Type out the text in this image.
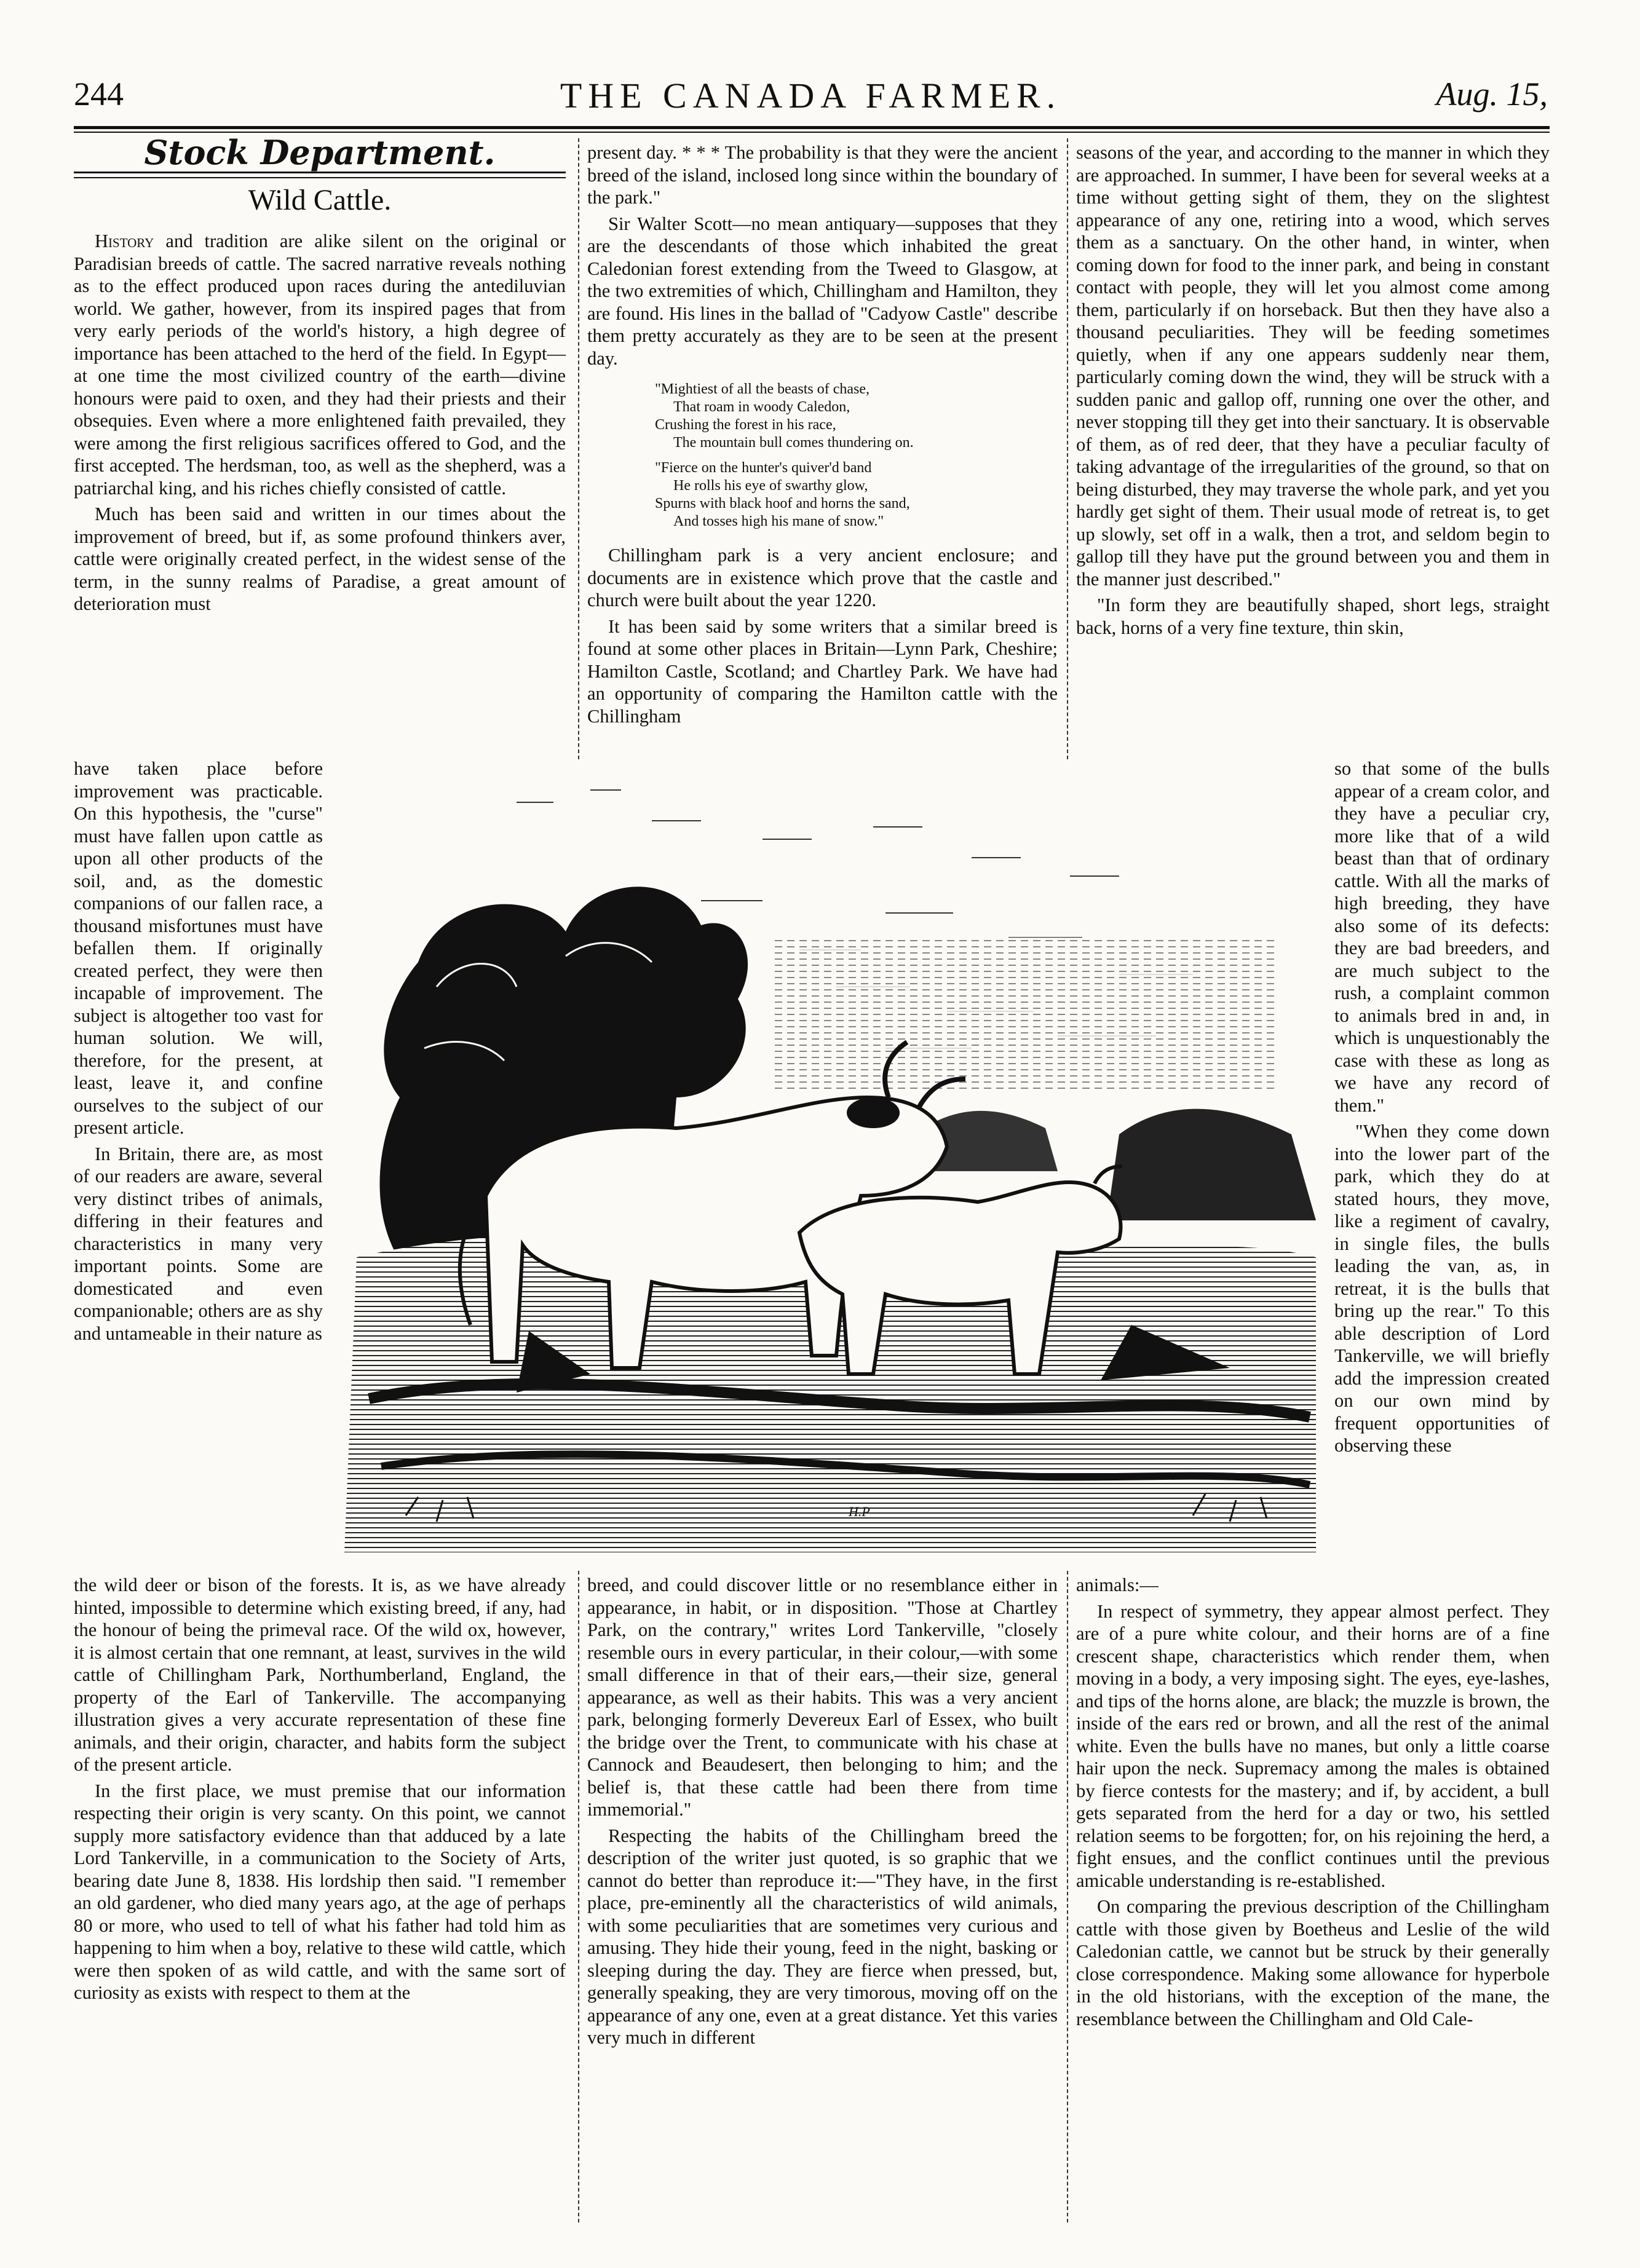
244	THE CANADA FARMER.	Aug. 15,
Stock Department.
Wild Cattle.

History and tradition are alike silent on the original or Paradisian breeds of cattle. The sacred narrative reveals nothing as to the effect produced upon races during the antediluvian world. We gather, however, from its inspired pages that from very early periods of the world's history, a high degree of importance has been attached to the herd of the field. In Egypt—at one time the most civilized country of the earth—divine honours were paid to oxen, and they had their priests and their obsequies. Even where a more enlightened faith prevailed, they were among the first religious sacrifices offered to God, and the first accepted. The herdsman, too, as well as the shepherd, was a patriarchal king, and his riches chiefly consisted of cattle.

Much has been said and written in our times about the improvement of breed, but if, as some profound thinkers aver, cattle were originally created perfect, in the widest sense of the term, in the sunny realms of Paradise, a great amount of deterioration must

have taken place before improvement was practicable. On this hypothesis, the "curse" must have fallen upon cattle as upon all other products of the soil, and, as the domestic companions of our fallen race, a thousand misfortunes must have befallen them. If originally created perfect, they were then incapable of improvement. The subject is altogether too vast for human solution. We will, therefore, for the present, at least, leave it, and confine ourselves to the subject of our present article.

In Britain, there are, as most of our readers are aware, several very distinct tribes of animals, differing in their features and characteristics in many very important points. Some are domesticated and even companionable; others are as shy and untameable in their nature as

the wild deer or bison of the forests. It is, as we have already hinted, impossible to determine which existing breed, if any, had the honour of being the primeval race. Of the wild ox, however, it is almost certain that one remnant, at least, survives in the wild cattle of Chillingham Park, Northumberland, England, the property of the Earl of Tankerville. The accompanying illustration gives a very accurate representation of these fine animals, and their origin, character, and habits form the subject of the present article.

In the first place, we must premise that our information respecting their origin is very scanty. On this point, we cannot supply more satisfactory evidence than that adduced by a late Lord Tankerville, in a communication to the Society of Arts, bearing date June 8, 1838. His lordship then said. "I remember an old gardener, who died many years ago, at the age of perhaps 80 or more, who used to tell of what his father had told him as happening to him when a boy, relative to these wild cattle, which were then spoken of as wild cattle, and with the same sort of curiosity as exists with respect to them at the

present day. * * * The probability is that they were the ancient breed of the island, inclosed long since within the boundary of the park."

Sir Walter Scott—no mean antiquary—supposes that they are the descendants of those which inhabited the great Caledonian forest extending from the Tweed to Glasgow, at the two extremities of which, Chillingham and Hamilton, they are found. His lines in the ballad of "Cadyow Castle" describe them pretty accurately as they are to be seen at the present day.

"Mightiest of all the beasts of chase,
That roam in woody Caledon,
Crushing the forest in his race,
The mountain bull comes thundering on.
"Fierce on the hunter's quiver'd band
He rolls his eye of swarthy glow,
Spurns with black hoof and horns the sand,
And tosses high his mane of snow."

Chillingham park is a very ancient enclosure; and documents are in existence which prove that the castle and church were built about the year 1220.

It has been said by some writers that a similar breed is found at some other places in Britain—Lynn Park, Cheshire; Hamilton Castle, Scotland; and Chartley Park. We have had an opportunity of comparing the Hamilton cattle with the Chillingham

breed, and could discover little or no resemblance either in appearance, in habit, or in disposition. "Those at Chartley Park, on the contrary," writes Lord Tankerville, "closely resemble ours in every particular, in their colour,—with some small difference in that of their ears,—their size, general appearance, as well as their habits. This was a very ancient park, belonging formerly Devereux Earl of Essex, who built the bridge over the Trent, to communicate with his chase at Cannock and Beaudesert, then belonging to him; and the belief is, that these cattle had been there from time immemorial."

Respecting the habits of the Chillingham breed the description of the writer just quoted, is so graphic that we cannot do better than reproduce it:—"They have, in the first place, pre-eminently all the characteristics of wild animals, with some peculiarities that are sometimes very curious and amusing. They hide their young, feed in the night, basking or sleeping during the day. They are fierce when pressed, but, generally speaking, they are very timorous, moving off on the appearance of any one, even at a great distance. Yet this varies very much in different

seasons of the year, and according to the manner in which they are approached. In summer, I have been for several weeks at a time without getting sight of them, they on the slightest appearance of any one, retiring into a wood, which serves them as a sanctuary. On the other hand, in winter, when coming down for food to the inner park, and being in constant contact with people, they will let you almost come among them, particularly if on horseback. But then they have also a thousand peculiarities. They will be feeding sometimes quietly, when if any one appears suddenly near them, particularly coming down the wind, they will be struck with a sudden panic and gallop off, running one over the other, and never stopping till they get into their sanctuary. It is observable of them, as of red deer, that they have a peculiar faculty of taking advantage of the irregularities of the ground, so that on being disturbed, they may traverse the whole park, and yet you hardly get sight of them. Their usual mode of retreat is, to get up slowly, set off in a walk, then a trot, and seldom begin to gallop till they have put the ground between you and them in the manner just described."

"In form they are beautifully shaped, short legs, straight back, horns of a very fine texture, thin skin,

so that some of the bulls appear of a cream color, and they have a peculiar cry, more like that of a wild beast than that of ordinary cattle. With all the marks of high breeding, they have also some of its defects: they are bad breeders, and are much subject to the rush, a complaint common to animals bred in and, in which is unquestionably the case with these as long as we have any record of them."

"When they come down into the lower part of the park, which they do at stated hours, they move, like a regiment of cavalry, in single files, the bulls leading the van, as, in retreat, it is the bulls that bring up the rear." To this able description of Lord Tankerville, we will briefly add the impression created on our own mind by frequent opportunities of observing these

animals:—

In respect of symmetry, they appear almost perfect. They are of a pure white colour, and their horns are of a fine crescent shape, characteristics which render them, when moving in a body, a very imposing sight. The eyes, eye-lashes, and tips of the horns alone, are black; the muzzle is brown, the inside of the ears red or brown, and all the rest of the animal white. Even the bulls have no manes, but only a little coarse hair upon the neck. Supremacy among the males is obtained by fierce contests for the mastery; and if, by accident, a bull gets separated from the herd for a day or two, his settled relation seems to be forgotten; for, on his rejoining the herd, a fight ensues, and the conflict continues until the previous amicable understanding is re-established.

On comparing the previous description of the Chillingham cattle with those given by Boetheus and Leslie of the wild Caledonian cattle, we cannot but be struck by their generally close correspondence. Making some allowance for hyperbole in the old historians, with the exception of the mane, the resemblance between the Chillingham and Old Cale-

H.P
